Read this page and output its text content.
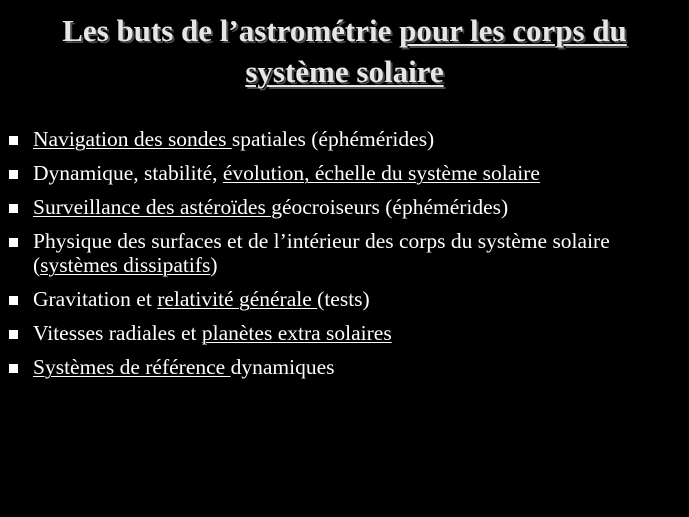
Les buts de l’astrométrie pour les corps du
système solaire
Navigation des sondes spatiales (éphémérides)
Dynamique, stabilité, évolution, échelle du système solaire
Surveillance des astéroïdes géocroiseurs (éphémérides)
Physique des surfaces et de l’intérieur des corps du système solaire (systèmes dissipatifs)
Gravitation et relativité générale (tests)
Vitesses radiales et planètes extra solaires
Systèmes de référence dynamiques
